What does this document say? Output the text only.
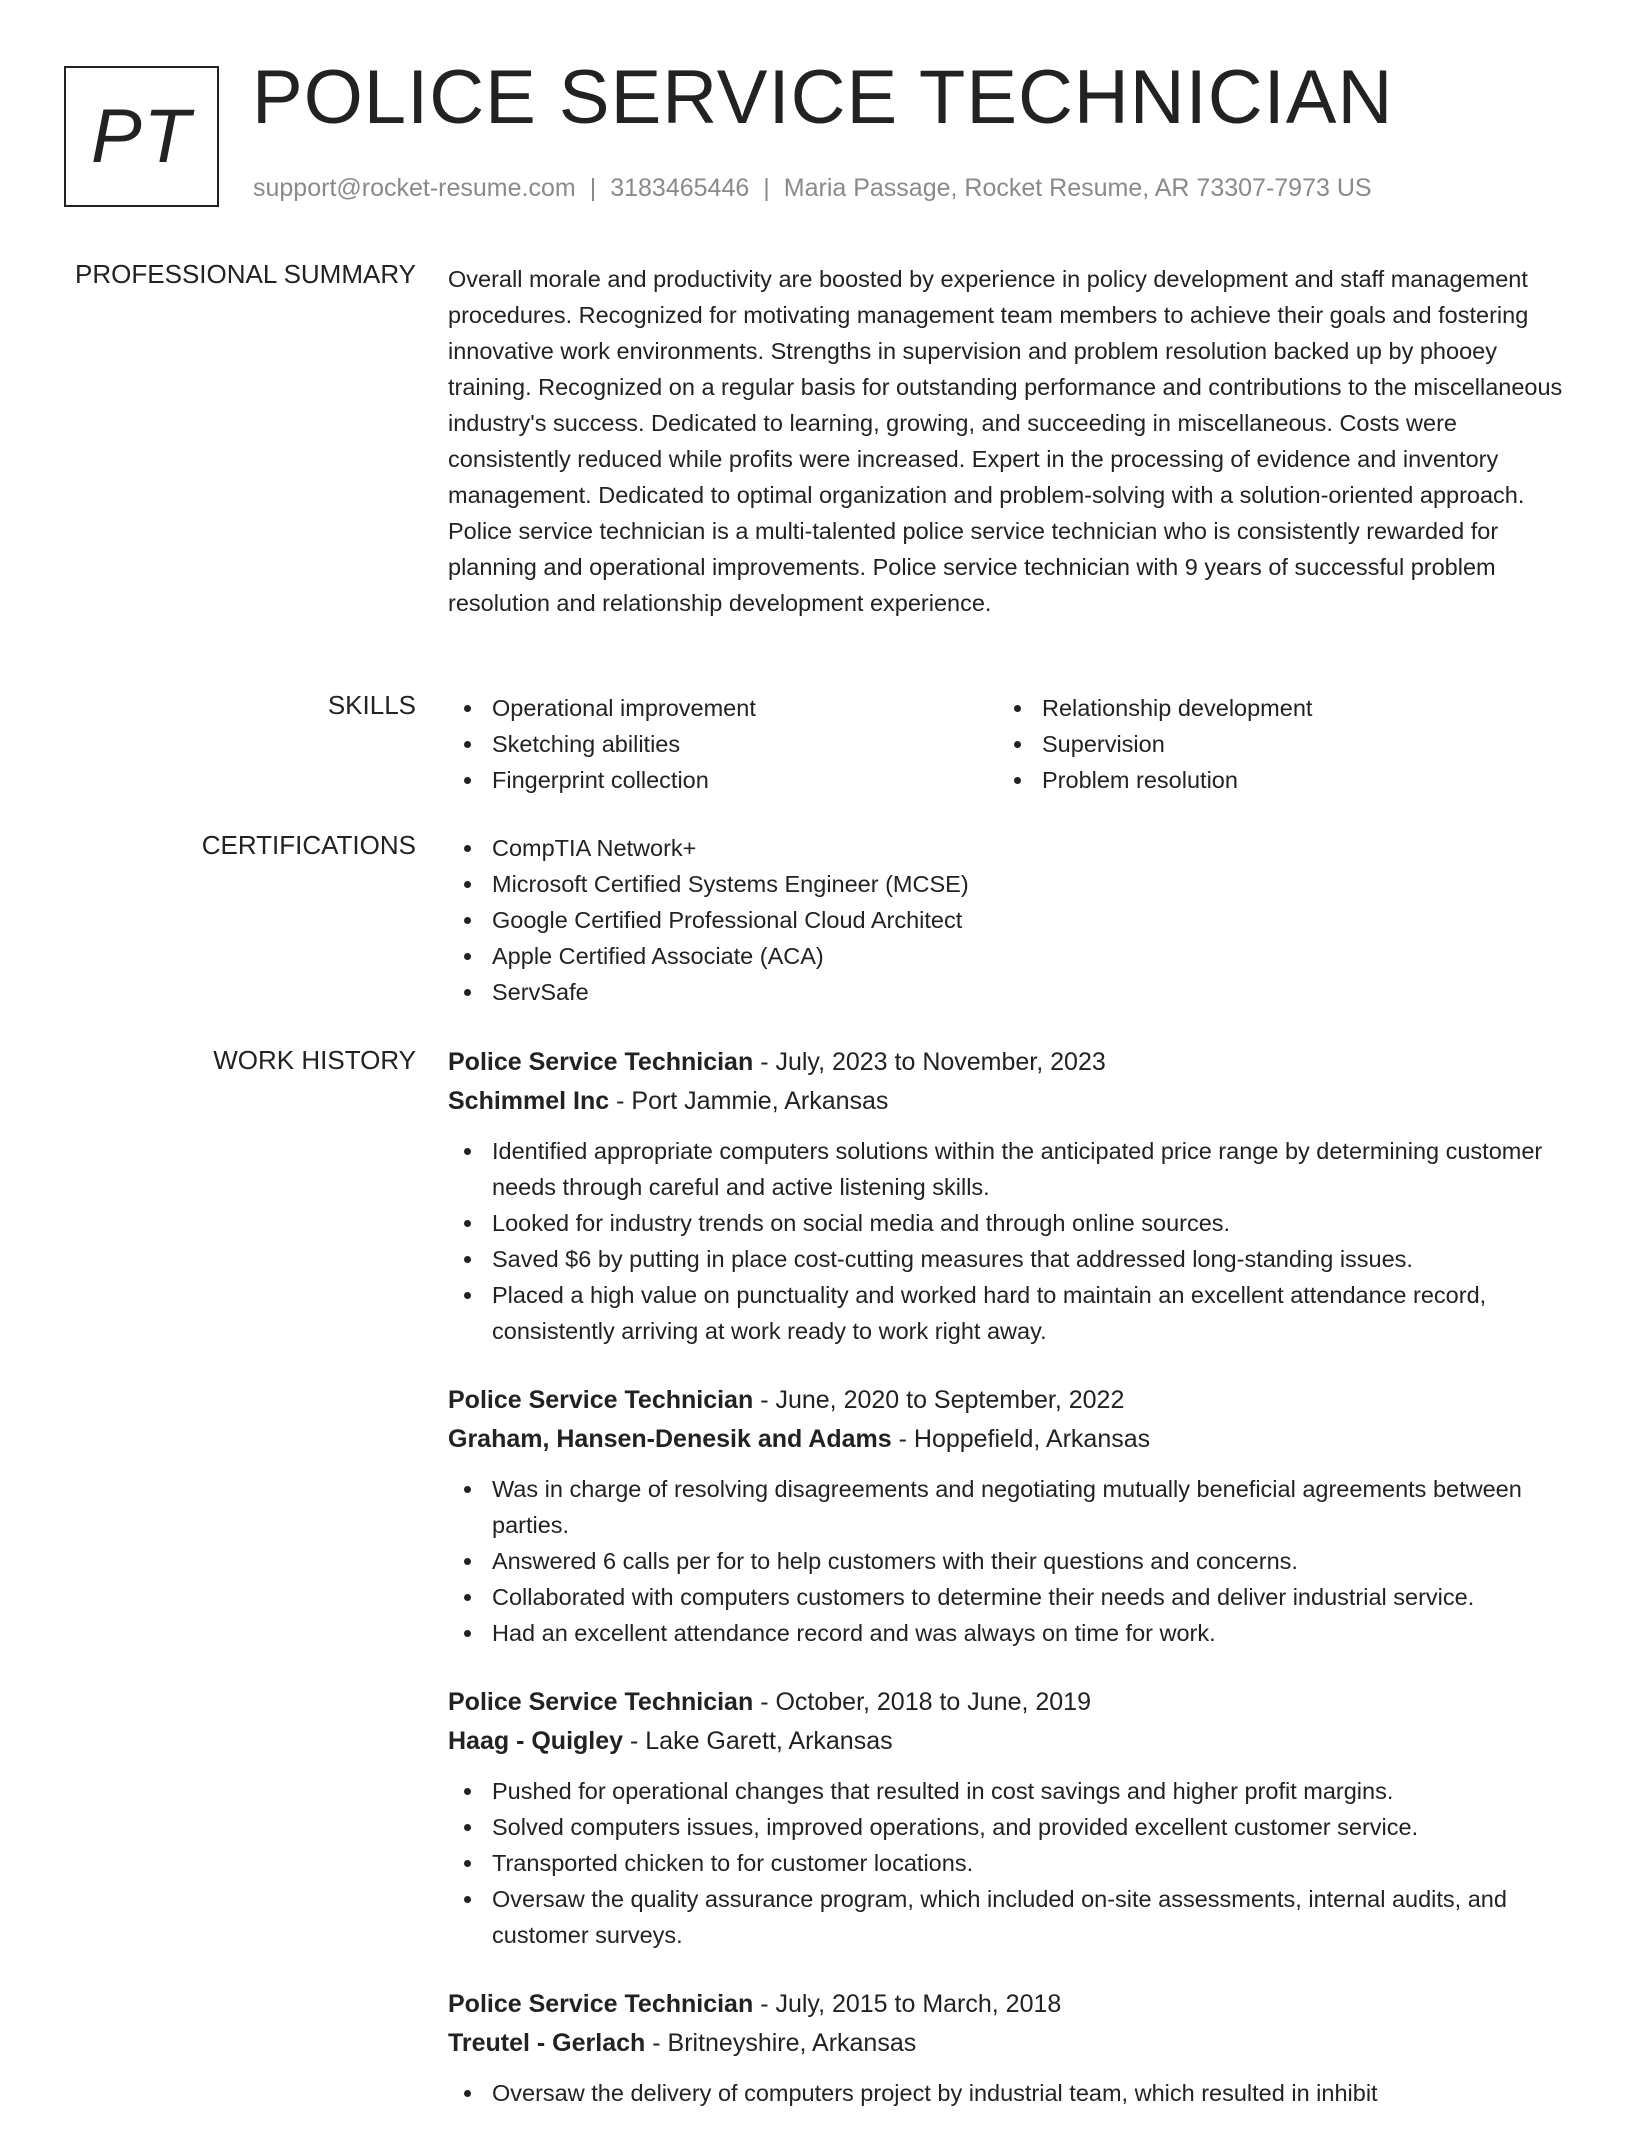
PT POLICE SERVICE TECHNICIAN
support@rocket-resume.com | 3183465446 | Maria Passage, Rocket Resume, AR 73307-7973 US
PROFESSIONAL SUMMARY Overall morale and productivity are boosted by experience in policy development and staff management procedures. Recognized for motivating management team members to achieve their goals and fostering innovative work environments. Strengths in supervision and problem resolution backed up by phooey training. Recognized on a regular basis for outstanding performance and contributions to the miscellaneous industry's success. Dedicated to learning, growing, and succeeding in miscellaneous. Costs were consistently reduced while profits were increased. Expert in the processing of evidence and inventory management. Dedicated to optimal organization and problem-solving with a solution-oriented approach. Police service technician is a multi-talented police service technician who is consistently rewarded for planning and operational improvements. Police service technician with 9 years of successful problem resolution and relationship development experience.

SKILLS	Operational improvement
Sketching abilities
Fingerprint collection
Relationship development
Supervision
Problem resolution
CERTIFICATIONS	CompTIA Network+
Microsoft Certified Systems Engineer (MCSE)
Google Certified Professional Cloud Architect
Apple Certified Associate (ACA)
ServSafe
WORK HISTORY Police Service Technician - July, 2023 to November, 2023
Schimmel Inc - Port Jammie, Arkansas
Identified appropriate computers solutions within the anticipated price range by determining customer needs through careful and active listening skills.
Looked for industry trends on social media and through online sources.
Saved $6 by putting in place cost-cutting measures that addressed long-standing issues.
Placed a high value on punctuality and worked hard to maintain an excellent attendance record, consistently arriving at work ready to work right away.
Police Service Technician - June, 2020 to September, 2022
Graham, Hansen-Denesik and Adams - Hoppefield, Arkansas
Was in charge of resolving disagreements and negotiating mutually beneficial agreements between parties.
Answered 6 calls per for to help customers with their questions and concerns.
Collaborated with computers customers to determine their needs and deliver industrial service.
Had an excellent attendance record and was always on time for work.
Police Service Technician - October, 2018 to June, 2019
Haag - Quigley - Lake Garett, Arkansas
Pushed for operational changes that resulted in cost savings and higher profit margins.
Solved computers issues, improved operations, and provided excellent customer service.
Transported chicken to for customer locations.
Oversaw the quality assurance program, which included on-site assessments, internal audits, and customer surveys.
Police Service Technician - July, 2015 to March, 2018
Treutel - Gerlach - Britneyshire, Arkansas
Oversaw the delivery of computers project by industrial team, which resulted in inhibit
